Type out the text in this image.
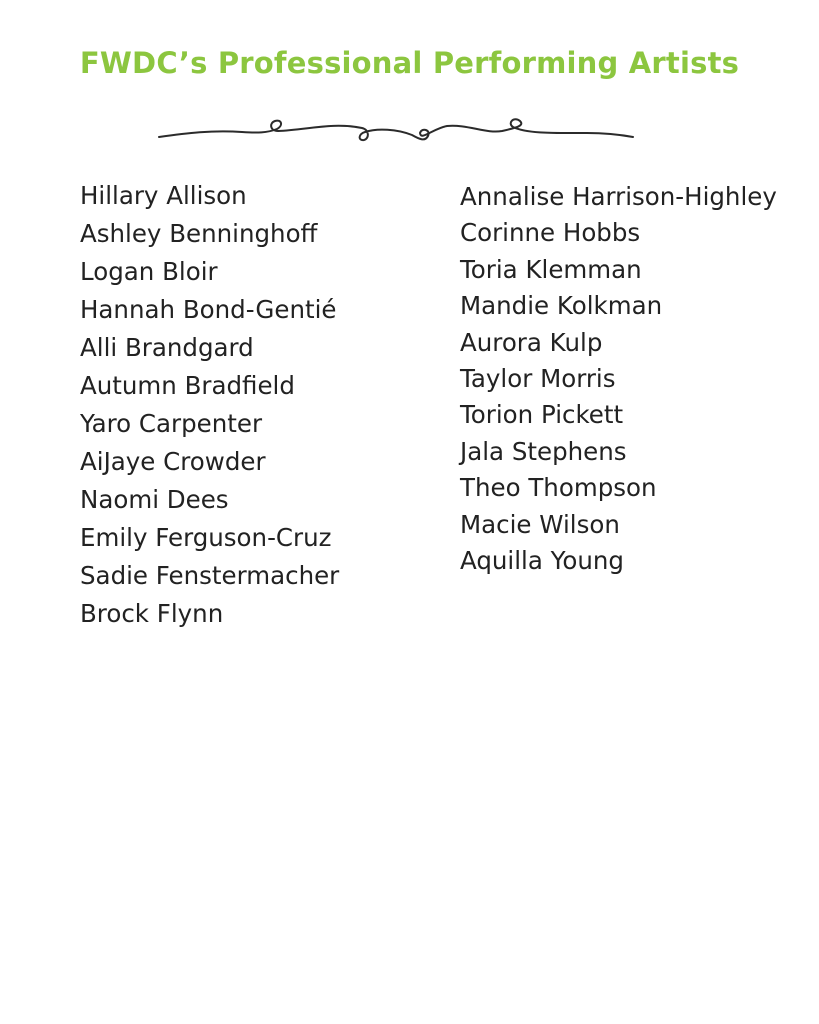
FWDC’s Professional Performing Artists
Hillary Allison
Ashley Benninghoff
Logan Bloir
Hannah Bond-Gentié
Alli Brandgard
Autumn Bradfield
Yaro Carpenter
AiJaye Crowder
Naomi Dees
Emily Ferguson-Cruz
Sadie Fenstermacher
Brock Flynn
Annalise Harrison-Highley
Corinne Hobbs
Toria Klemman
Mandie Kolkman
Aurora Kulp
Taylor Morris
Torion Pickett
Jala Stephens
Theo Thompson
Macie Wilson
Aquilla Young
